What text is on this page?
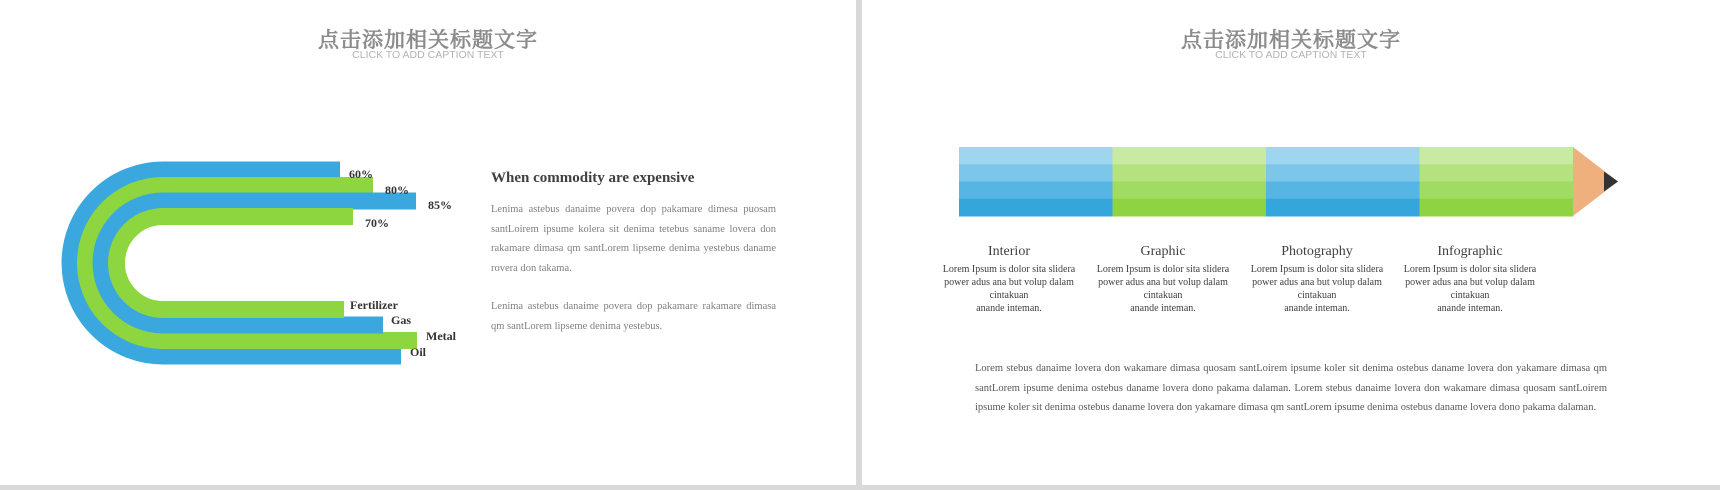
点击添加相关标题文字
CLICK TO ADD CAPTION TEXT
60%
80%
85%
70%
Fertilizer
Gas
Metal
Oil
When commodity are expensive
Lenima astebus danaime povera dop pakamare dimesa puosam santLoirem ipsume kolera sit denima tetebus saname lovera don rakamare dimasa qm santLorem lipseme denima yestebus daname rovera don takama.
Lenima astebus danaime povera dop pakamare rakamare dimasa qm santLorem lipseme denima yestebus.
点击添加相关标题文字
CLICK TO ADD CAPTION TEXT
Interior
Lorem Ipsum is dolor sita slidera
power adus ana but volup dalam
cintakuan
anande inteman.
Graphic
Lorem Ipsum is dolor sita slidera
power adus ana but volup dalam
cintakuan
anande inteman.
Photography
Lorem Ipsum is dolor sita slidera
power adus ana but volup dalam
cintakuan
anande inteman.
Infographic
Lorem Ipsum is dolor sita slidera
power adus ana but volup dalam
cintakuan
anande inteman.
Lorem stebus danaime lovera don wakamare dimasa quosam santLoirem ipsume koler sit denima ostebus daname lovera don yakamare dimasa qm santLorem ipsume denima ostebus daname lovera dono pakama dalaman. Lorem stebus danaime lovera don wakamare dimasa quosam santLoirem ipsume koler sit denima ostebus daname lovera don yakamare dimasa qm santLorem ipsume denima ostebus daname lovera dono pakama dalaman.
